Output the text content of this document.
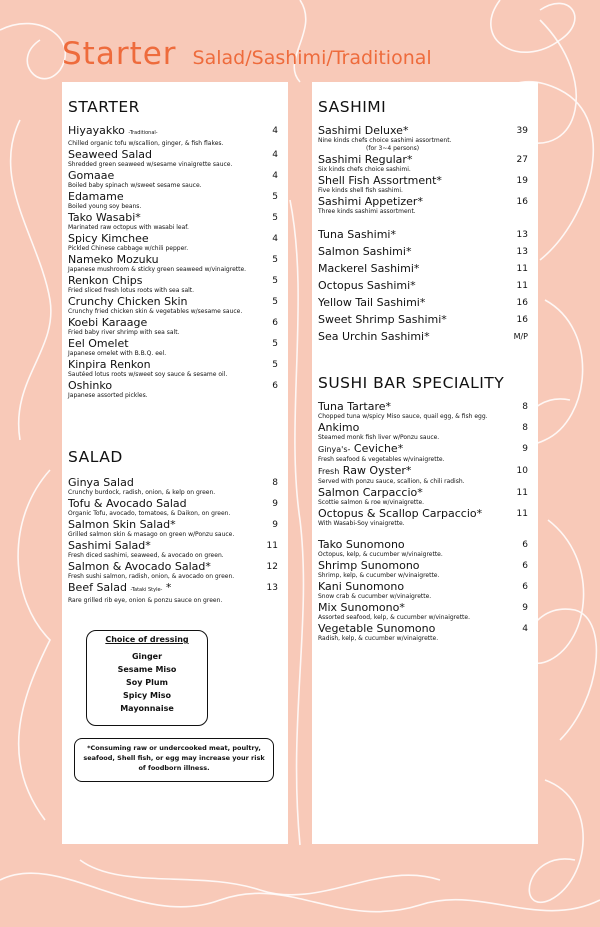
Starter Salad/Sashimi/Traditional
STARTER
Hiyayakko -Traditional-	4
Chilled organic tofu w/scallion, ginger, & fish flakes.
Seaweed Salad	4
Shredded green seaweed w/sesame vinaigrette sauce.
Gomaae	4
Boiled baby spinach w/sweet sesame sauce.
Edamame	5
Boiled young soy beans.
Tako Wasabi*	5
Marinated raw octopus with wasabi leaf.
Spicy Kimchee	4
Pickled Chinese cabbage w/chili pepper.
Nameko Mozuku	5
Japanese mushroom & sticky green seaweed w/vinaigrette.
Renkon Chips	5
Fried sliced fresh lotus roots with sea salt.
Crunchy Chicken Skin	5
Crunchy fried chicken skin & vegetables w/sesame sauce.
Koebi Karaage	6
Fried baby river shrimp with sea salt.
Eel Omelet	5
Japanese omelet with B.B.Q. eel.
Kinpira Renkon	5
Sautéed lotus roots w/sweet soy sauce & sesame oil.
Oshinko	6
Japanese assorted pickles.
SALAD
Ginya Salad	8
Crunchy burdock, radish, onion, & kelp on green.
Tofu & Avocado Salad	9
Organic Tofu, avocado, tomatoes, & Daikon, on green.
Salmon Skin Salad*	9
Grilled salmon skin & masago on green w/Ponzu sauce.
Sashimi Salad*	11
Fresh diced sashimi, seaweed, & avocado on green.
Salmon & Avocado Salad*	12
Fresh sushi salmon, radish, onion, & avocado on green.
Beef Salad -Tataki Style- *	13
Rare grilled rib eye, onion & ponzu sauce on green.
Choice of dressing
Ginger
Sesame Miso
Soy Plum
Spicy Miso
Mayonnaise
*Consuming raw or undercooked meat, poultry, seafood, Shell fish, or egg may increase your risk of foodborn illness.
SASHIMI
Sashimi Deluxe*	39
Nine kinds chefs choice sashimi assortment.
(for 3~4 persons)
Sashimi Regular*	27
Six kinds chefs choice sashimi.
Shell Fish Assortment*	19
Five kinds shell fish sashimi.
Sashimi Appetizer*	16
Three kinds sashimi assortment.
Tuna Sashimi*	13
Salmon Sashimi*	13
Mackerel Sashimi*	11
Octopus Sashimi*	11
Yellow Tail Sashimi*	16
Sweet Shrimp Sashimi*	16
Sea Urchin Sashimi*	M/P
SUSHI BAR SPECIALITY
Tuna Tartare*	8
Chopped tuna w/spicy Miso sauce, quail egg, & fish egg.
Ankimo	8
Steamed monk fish liver w/Ponzu sauce.
Ginya's- Ceviche*	9
Fresh seafood & vegetables w/vinaigrette.
Fresh Raw Oyster*	10
Served with ponzu sauce, scallion, & chili radish.
Salmon Carpaccio*	11
Scottie salmon & roe w/vinaigrette.
Octopus & Scallop Carpaccio*	11
With Wasabi-Soy vinaigrette.
Tako Sunomono	6
Octopus, kelp, & cucumber w/vinaigrette.
Shrimp Sunomono	6
Shrimp, kelp, & cucumber w/vinaigrette.
Kani Sunomono	6
Snow crab & cucumber w/vinaigrette.
Mix Sunomono*	9
Assorted seafood, kelp, & cucumber w/vinaigrette.
Vegetable Sunomono	4
Radish, kelp, & cucumber w/vinaigrette.
